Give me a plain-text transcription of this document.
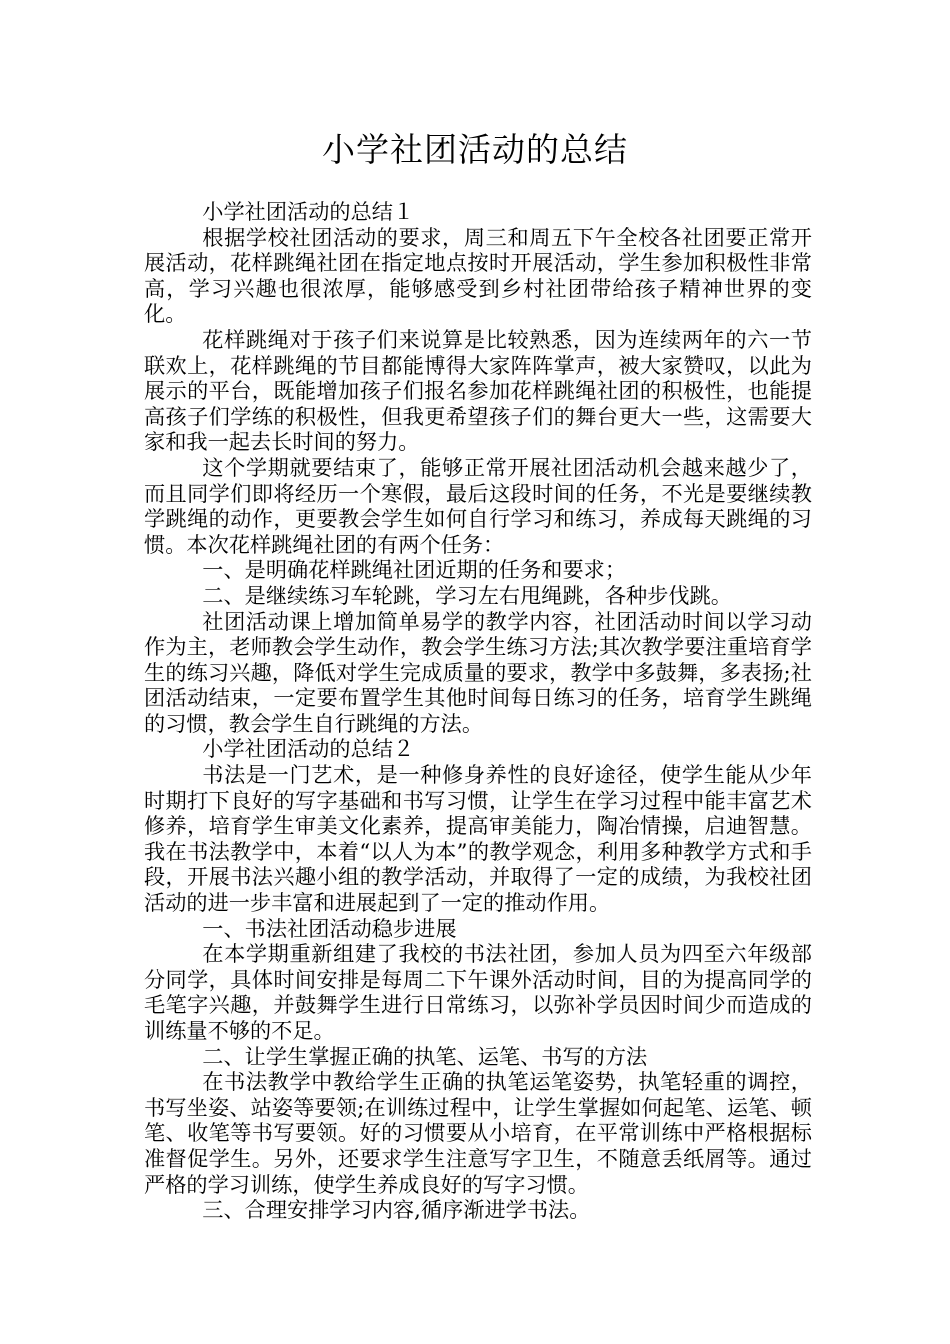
小学社团活动的总结

小学社团活动的总结１

根据学校社团活动的要求，周三和周五下午全校各社团要正常开展活动，花样跳绳社团在指定地点按时开展活动，学生参加积极性非常高，学习兴趣也很浓厚，能够感受到乡村社团带给孩子精神世界的变化。

花样跳绳对于孩子们来说算是比较熟悉，因为连续两年的六一节联欢上，花样跳绳的节目都能博得大家阵阵掌声，被大家赞叹，以此为展示的平台，既能增加孩子们报名参加花样跳绳社团的积极性，也能提高孩子们学练的积极性，但我更希望孩子们的舞台更大一些，这需要大家和我一起去长时间的努力。

这个学期就要结束了，能够正常开展社团活动机会越来越少了，而且同学们即将经历一个寒假，最后这段时间的任务，不光是要继续教学跳绳的动作，更要教会学生如何自行学习和练习，养成每天跳绳的习惯。本次花样跳绳社团的有两个任务：

一、是明确花样跳绳社团近期的任务和要求；

二、是继续练习车轮跳，学习左右甩绳跳，各种步伐跳。

社团活动课上增加简单易学的教学内容，社团活动时间以学习动作为主，老师教会学生动作，教会学生练习方法;其次教学要注重培育学生的练习兴趣，降低对学生完成质量的要求，教学中多鼓舞，多表扬;社团活动结束，一定要布置学生其他时间每日练习的任务，培育学生跳绳的习惯，教会学生自行跳绳的方法。

小学社团活动的总结２

书法是一门艺术，是一种修身养性的良好途径，使学生能从少年时期打下良好的写字基础和书写习惯，让学生在学习过程中能丰富艺术修养，培育学生审美文化素养，提高审美能力，陶冶情操，启迪智慧。我在书法教学中，本着“以人为本”的教学观念，利用多种教学方式和手段，开展书法兴趣小组的教学活动，并取得了一定的成绩，为我校社团活动的进一步丰富和进展起到了一定的推动作用。

一、书法社团活动稳步进展

在本学期重新组建了我校的书法社团，参加人员为四至六年级部分同学，具体时间安排是每周二下午课外活动时间，目的为提高同学的毛笔字兴趣，并鼓舞学生进行日常练习，以弥补学员因时间少而造成的训练量不够的不足。

二、让学生掌握正确的执笔、运笔、书写的方法

在书法教学中教给学生正确的执笔运笔姿势，执笔轻重的调控，书写坐姿、站姿等要领;在训练过程中，让学生掌握如何起笔、运笔、顿笔、收笔等书写要领。好的习惯要从小培育，在平常训练中严格根据标准督促学生。另外，还要求学生注意写字卫生，不随意丢纸屑等。通过严格的学习训练，使学生养成良好的写字习惯。

三、合理安排学习内容,循序渐进学书法。
